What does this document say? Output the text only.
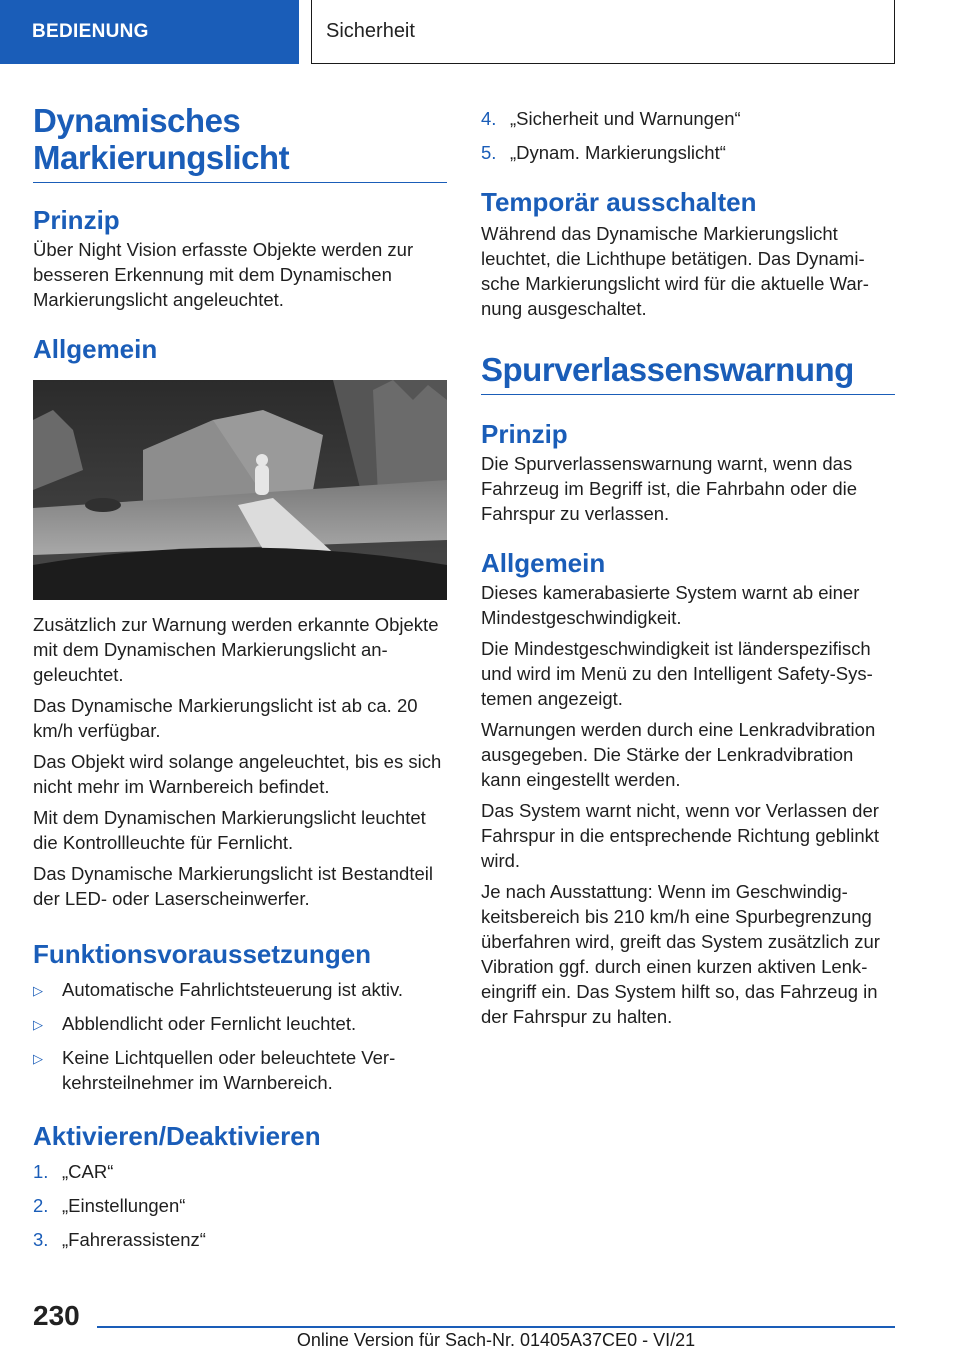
BEDIENUNG	Sicherheit
Dynamisches Markierungslicht
Prinzip

Über Night Vision erfasste Objekte werden zur besseren Erkennung mit dem Dynamischen Markierungslicht angeleuchtet.

Allgemein

Zusätzlich zur Warnung werden erkannte Objekte mit dem Dynamischen Markierungslicht angeleuchtet.

Das Dynamische Markierungslicht ist ab ca. 20 km/h verfügbar.

Das Objekt wird solange angeleuchtet, bis es sich nicht mehr im Warnbereich befindet.

Mit dem Dynamischen Markierungslicht leuchtet die Kontrollleuchte für Fernlicht.

Das Dynamische Markierungslicht ist Bestandteil der LED- oder Laserscheinwerfer.

Funktionsvoraussetzungen
▷	Automatische Fahrlichtsteuerung ist aktiv.
▷	Abblendlicht oder Fernlicht leuchtet.
▷	Keine Lichtquellen oder beleuchtete Verkehrsteilnehmer im Warnbereich.
Aktivieren/Deaktivieren
1. „CAR“
2. „Einstellungen“
3. „Fahrerassistenz“
4. „Sicherheit und Warnungen“
5. „Dynam. Markierungslicht“
Temporär ausschalten

Während das Dynamische Markierungslicht leuchtet, die Lichthupe betätigen. Das Dynamische Markierungslicht wird für die aktuelle Warnung ausgeschaltet.

Spurverlassenswarnung
Prinzip

Die Spurverlassenswarnung warnt, wenn das Fahrzeug im Begriff ist, die Fahrbahn oder die Fahrspur zu verlassen.

Allgemein

Dieses kamerabasierte System warnt ab einer Mindestgeschwindigkeit.

Die Mindestgeschwindigkeit ist länderspezifisch und wird im Menü zu den Intelligent Safety-Systemen angezeigt.

Warnungen werden durch eine Lenkradvibration ausgegeben. Die Stärke der Lenkradvibration kann eingestellt werden.

Das System warnt nicht, wenn vor Verlassen der Fahrspur in die entsprechende Richtung geblinkt wird.

Je nach Ausstattung: Wenn im Geschwindigkeitsbereich bis 210 km/h eine Spurbegrenzung überfahren wird, greift das System zusätzlich zur Vibration ggf. durch einen kurzen aktiven Lenkeingriff ein. Das System hilft so, das Fahrzeug in der Fahrspur zu halten.

230
Online Version für Sach-Nr. 01405A37CE0 - VI/21
